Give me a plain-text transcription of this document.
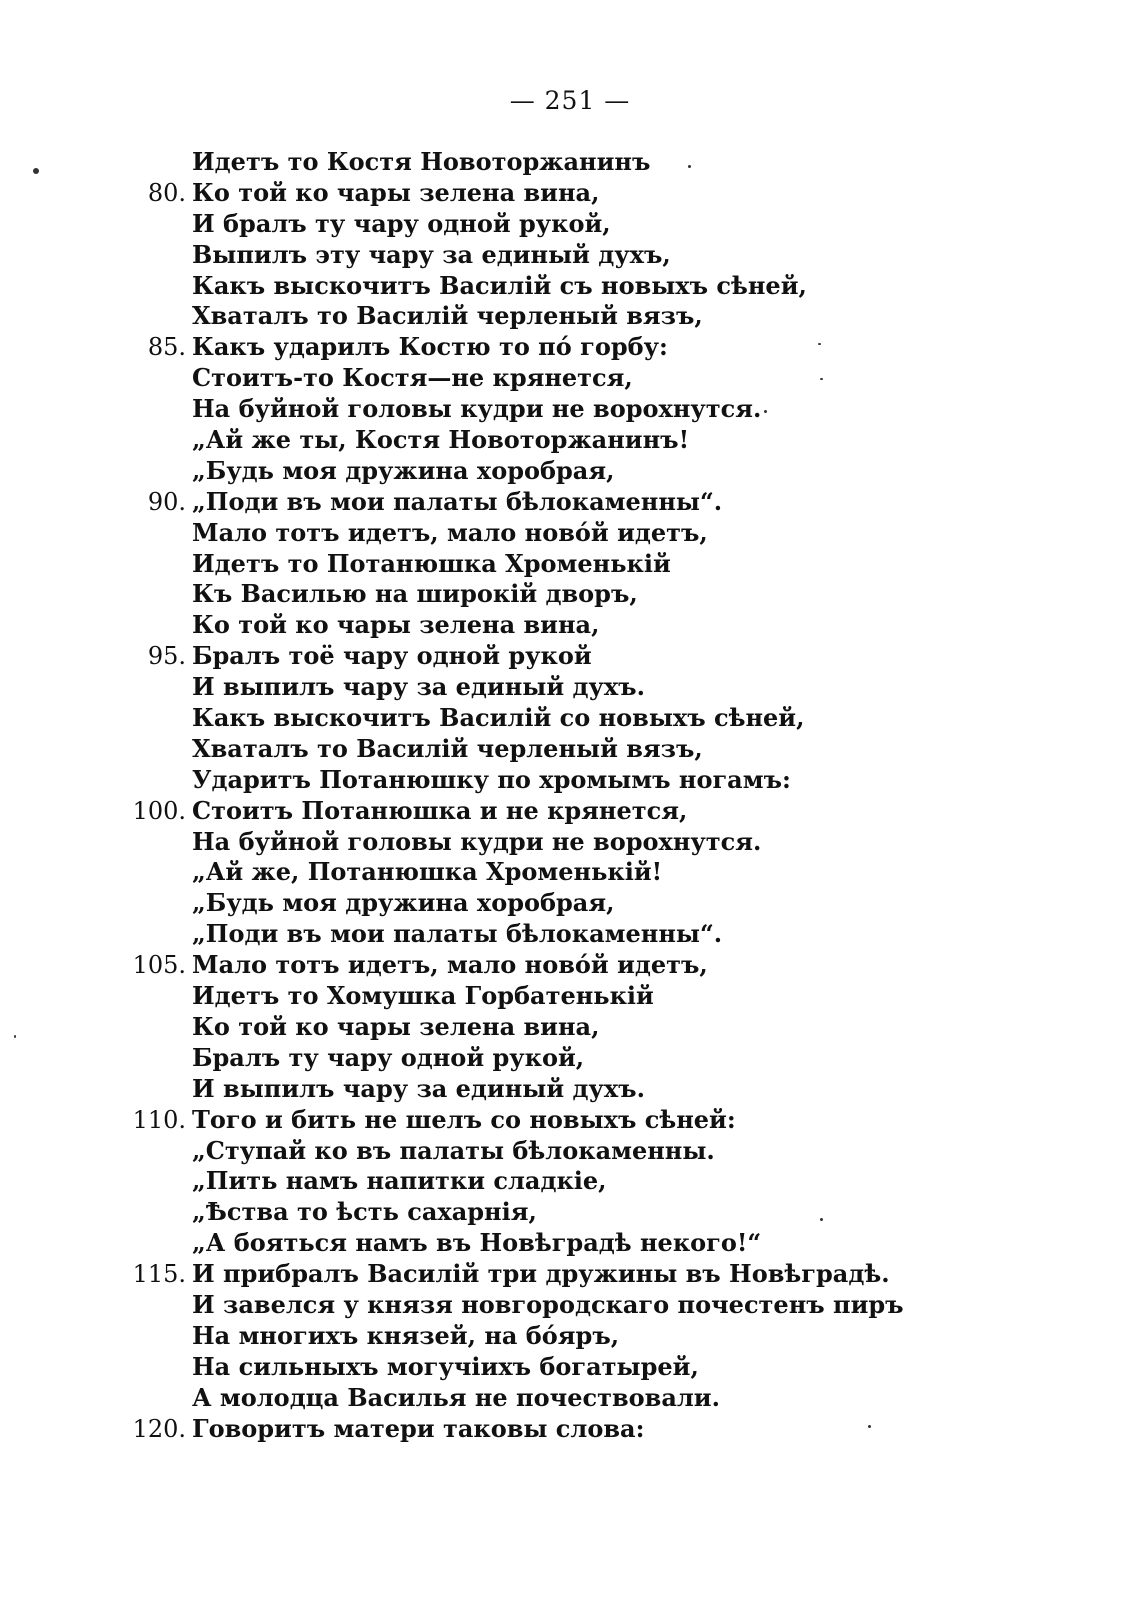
— 251 —
Идетъ то Костя Новоторжанинъ
80. Ко той ко чары зелена вина,
И бралъ ту чару одной рукой,
Выпилъ эту чару за единый духъ,
Какъ выскочитъ Василій съ новыхъ сѣней,
Хваталъ то Василій черленый вязъ,
85. Какъ ударилъ Костю то пó горбу:
Стоитъ-то Костя—не крянется,
На буйной головы кудри не ворохнутся.
„Ай же ты, Костя Новоторжанинъ!
„Будь моя дружина хоробрая,
90. „Поди въ мои палаты бѣлокаменны“.
Мало тотъ идетъ, мало новóй идетъ,
Идетъ то Потанюшка Хроменькій
Къ Василью на широкій дворъ,
Ко той ко чары зелена вина,
95. Бралъ тоё чару одной рукой
И выпилъ чару за единый духъ.
Какъ выскочитъ Василій со новыхъ сѣней,
Хваталъ то Василій черленый вязъ,
Ударитъ Потанюшку по хромымъ ногамъ:
100. Стоитъ Потанюшка и не крянется,
На буйной головы кудри не ворохнутся.
„Ай же, Потанюшка Хроменькій!
„Будь моя дружина хоробрая,
„Поди въ мои палаты бѣлокаменны“.
105. Мало тотъ идетъ, мало новóй идетъ,
Идетъ то Хомушка Горбатенькій
Ко той ко чары зелена вина,
Бралъ ту чару одной рукой,
И выпилъ чару за единый духъ.
110. Того и бить не шелъ со новыхъ сѣней:
„Ступай ко въ палаты бѣлокаменны.
„Пить намъ напитки сладкіе,
„Ѣства то ѣсть сахарнія,
„А бояться намъ въ Новѣградѣ некого!“
115. И прибралъ Василій три дружины въ Новѣградѣ.
И завелся у князя новгородскаго почестенъ пиръ
На многихъ князей, на бóяръ,
На сильныхъ могучіихъ богатырей,
А молодца Василья не почествовали.
120. Говоритъ матери таковы слова:
